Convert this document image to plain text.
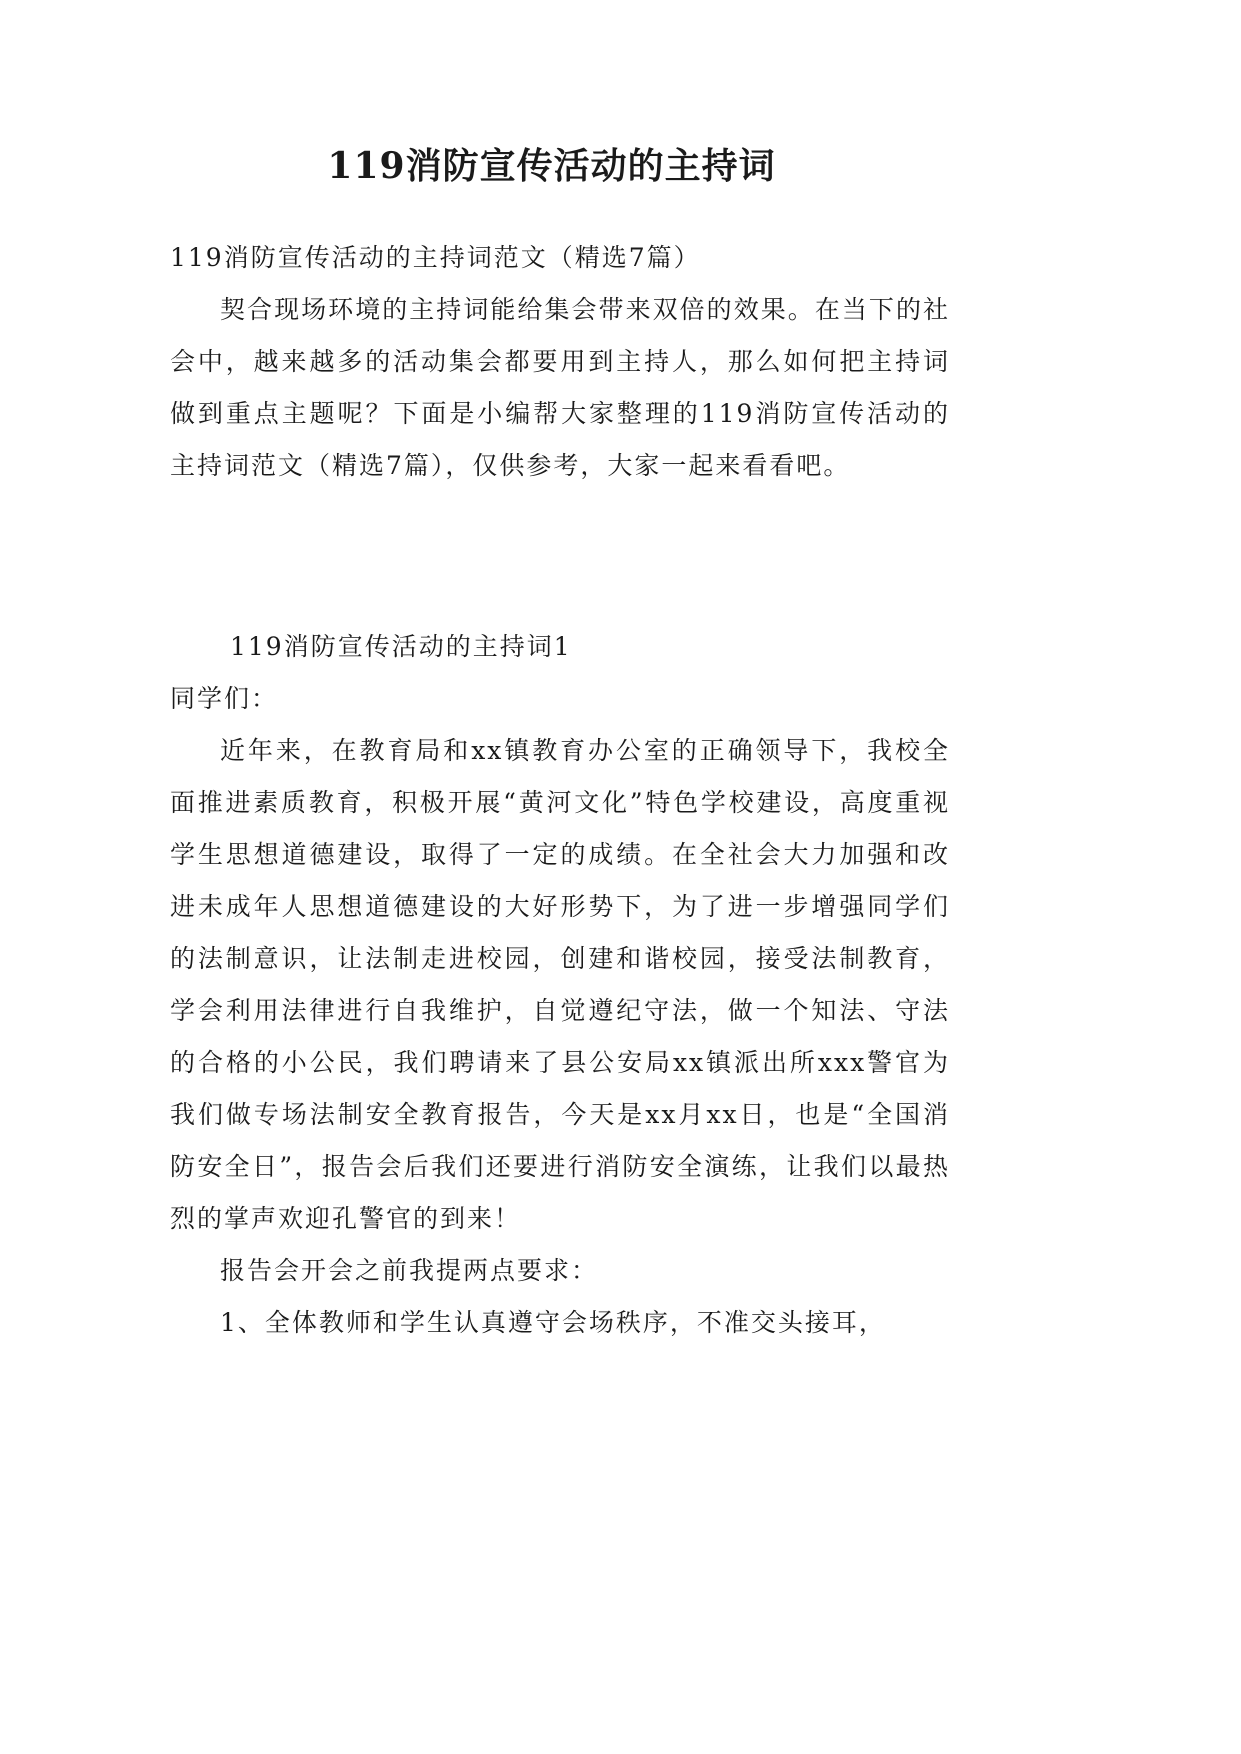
119消防宣传活动的主持词

119消防宣传活动的主持词范文（精选7篇）

契合现场环境的主持词能给集会带来双倍的效果。在当下的社会中，越来越多的活动集会都要用到主持人，那么如何把主持词做到重点主题呢？下面是小编帮大家整理的119消防宣传活动的主持词范文（精选7篇），仅供参考，大家一起来看看吧。

119消防宣传活动的主持词1

同学们：

近年来，在教育局和xx镇教育办公室的正确领导下，我校全面推进素质教育，积极开展“黄河文化”特色学校建设，高度重视学生思想道德建设，取得了一定的成绩。在全社会大力加强和改进未成年人思想道德建设的大好形势下，为了进一步增强同学们的法制意识，让法制走进校园，创建和谐校园，接受法制教育，学会利用法律进行自我维护，自觉遵纪守法，做一个知法、守法的合格的小公民，我们聘请来了县公安局xx镇派出所xxx警官为我们做专场法制安全教育报告，今天是xx月xx日，也是“全国消防安全日”，报告会后我们还要进行消防安全演练，让我们以最热烈的掌声欢迎孔警官的到来！

报告会开会之前我提两点要求：

1、全体教师和学生认真遵守会场秩序，不准交头接耳，
